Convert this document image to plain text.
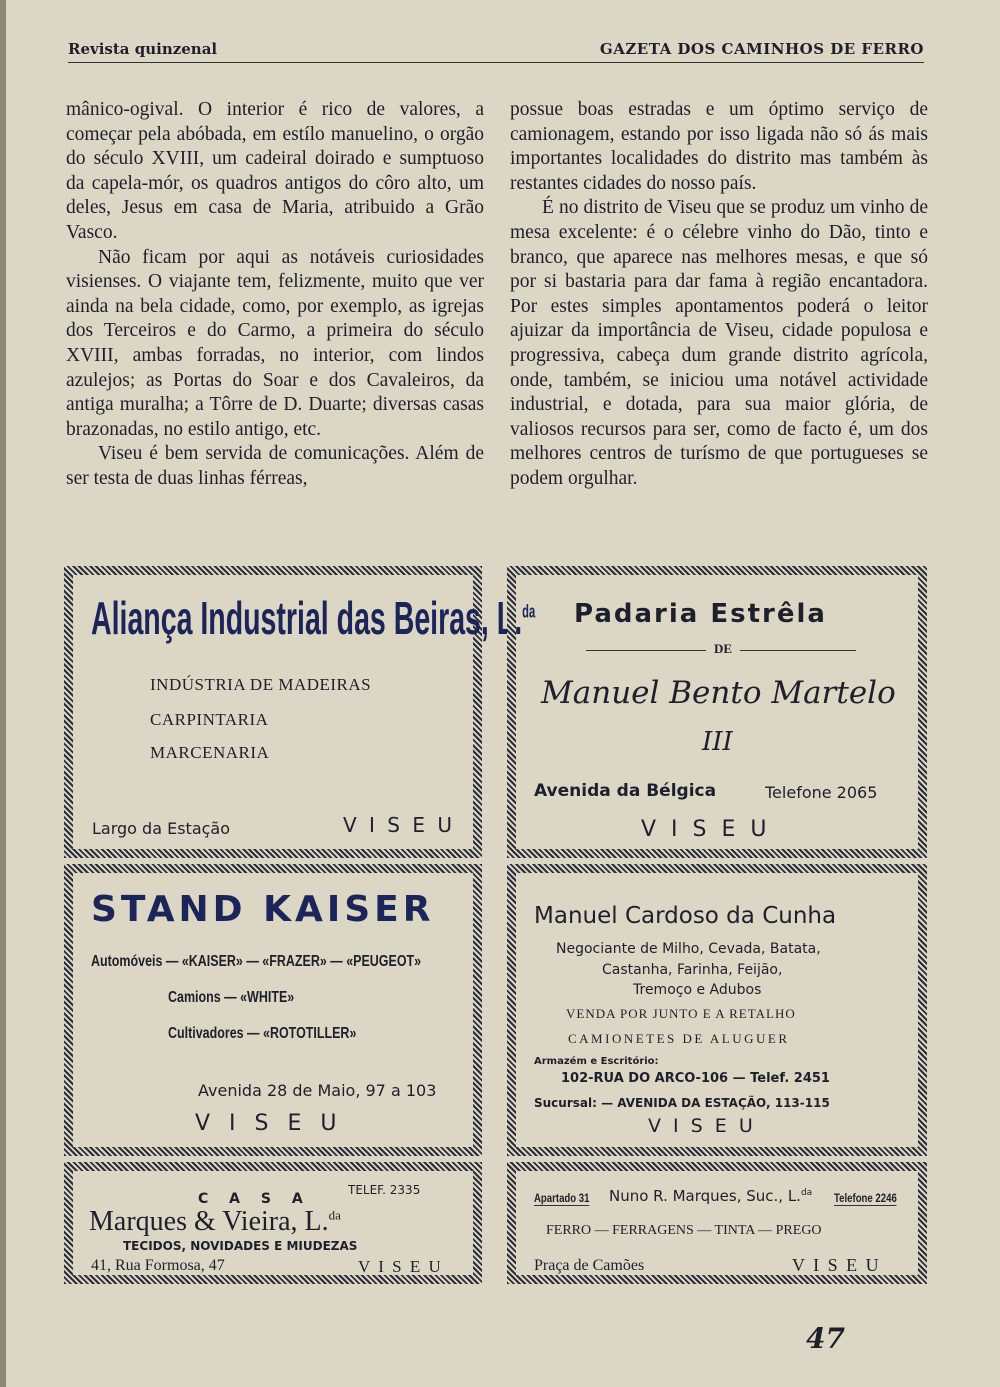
Revista quinzenal	GAZETA DOS CAMINHOS DE FERRO

mânico-ogival. O interior é rico de valores, a começar pela abóbada, em estílo manuelino, o orgão do século XVIII, um cadeiral doirado e sumptuoso da capela-mór, os quadros antigos do côro alto, um deles, Jesus em casa de Maria, atribuido a Grão Vasco.

Não ficam por aqui as notáveis curiosidades visienses. O viajante tem, felizmente, muito que ver ainda na bela cidade, como, por exemplo, as igrejas dos Terceiros e do Carmo, a primeira do século XVIII, ambas forradas, no interior, com lindos azulejos; as Portas do Soar e dos Cavaleiros, da antiga muralha; a Tôrre de D. Duarte; diversas casas brazonadas, no estilo antigo, etc.

Viseu é bem servida de comunicações. Além de ser testa de duas linhas férreas,

possue boas estradas e um óptimo serviço de camionagem, estando por isso ligada não só ás mais importantes localidades do distrito mas também às restantes cidades do nosso país.

É no distrito de Viseu que se produz um vinho de mesa excelente: é o célebre vinho do Dão, tinto e branco, que aparece nas melhores mesas, e que só por si bastaria para dar fama à região encantadora. Por estes simples apontamentos poderá o leitor ajuizar da importância de Viseu, cidade populosa e progressiva, cabeça dum grande distrito agrícola, onde, também, se iniciou uma notável actividade industrial, e dotada, para sua maior glória, de valiosos recursos para ser, como de facto é, um dos melhores centros de turísmo de que portugueses se podem orgulhar.

Aliança Industrial das Beiras, L.$^{da}$
INDÚSTRIA DE MADEIRAS
CARPINTARIA
MARCENARIA
Largo da Estação	V I S E U
Padaria Estrêla
DE
Manuel Bento Martelo
III
Avenida da Bélgica	Telefone 2065
V I S E U
STAND KAISER
Automóveis — «KAISER» — «FRAZER» — «PEUGEOT»
Camions — «WHITE»
Cultivadores — «ROTOTILLER»
Avenida 28 de Maio, 97 a 103
V I S E U
Manuel Cardoso da Cunha
Negociante de Milho, Cevada, Batata,
Castanha, Farinha, Feijão,
Tremoço e Adubos
VENDA POR JUNTO E A RETALHO
CAMIONETES DE ALUGUER
Armazém e Escritório:
102-RUA DO ARCO-106 — Telef. 2451
Sucursal: — AVENIDA DA ESTAÇÃO, 113-115
V I S E U
C A S A
TELEF. 2335
Marques & Vieira, L.$^{da}$
TECIDOS, NOVIDADES E MIUDEZAS
41, Rua Formosa, 47	V I S E U
Apartado 31 Nuno R. Marques, Suc., L.$^{da}$ Telefone 2246
FERRO — FERRAGENS — TINTA — PREGO
Praça de Camões	V I S E U
47
